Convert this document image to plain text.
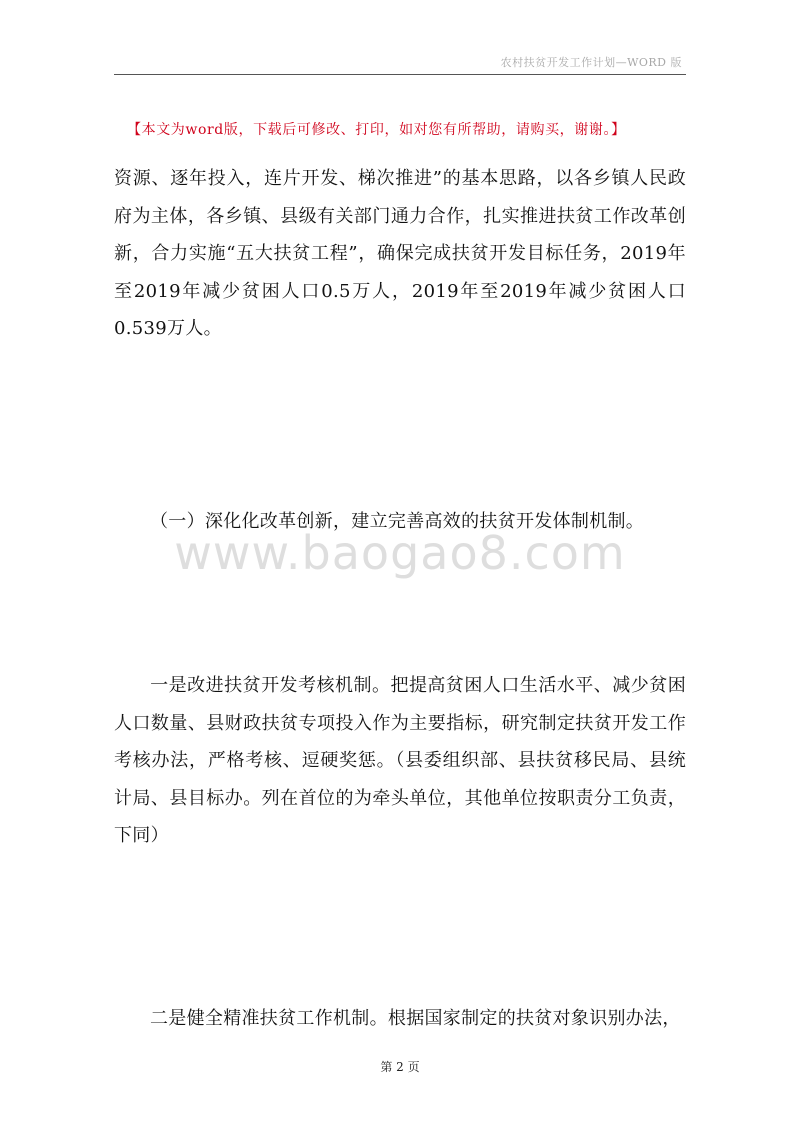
农村扶贫开发工作计划—WORD 版
【本文为word版，下载后可修改、打印，如对您有所帮助，请购买，谢谢。】

资源、逐年投入，连片开发、梯次推进”的基本思路，以各乡镇人民政府为主体，各乡镇、县级有关部门通力合作，扎实推进扶贫工作改革创新，合力实施“五大扶贫工程”，确保完成扶贫开发目标任务，2019年至2019年减少贫困人口0.5万人，2019年至2019年减少贫困人口0.539万人。

（一）深化化改革创新，建立完善高效的扶贫开发体制机制。

www.baogao8.com

一是改进扶贫开发考核机制。把提高贫困人口生活水平、减少贫困人口数量、县财政扶贫专项投入作为主要指标，研究制定扶贫开发工作考核办法，严格考核、逗硬奖惩。（县委组织部、县扶贫移民局、县统计局、县目标办。列在首位的为牵头单位，其他单位按职责分工负责，下同）

二是健全精准扶贫工作机制。根据国家制定的扶贫对象识别办法，

第 2 页
